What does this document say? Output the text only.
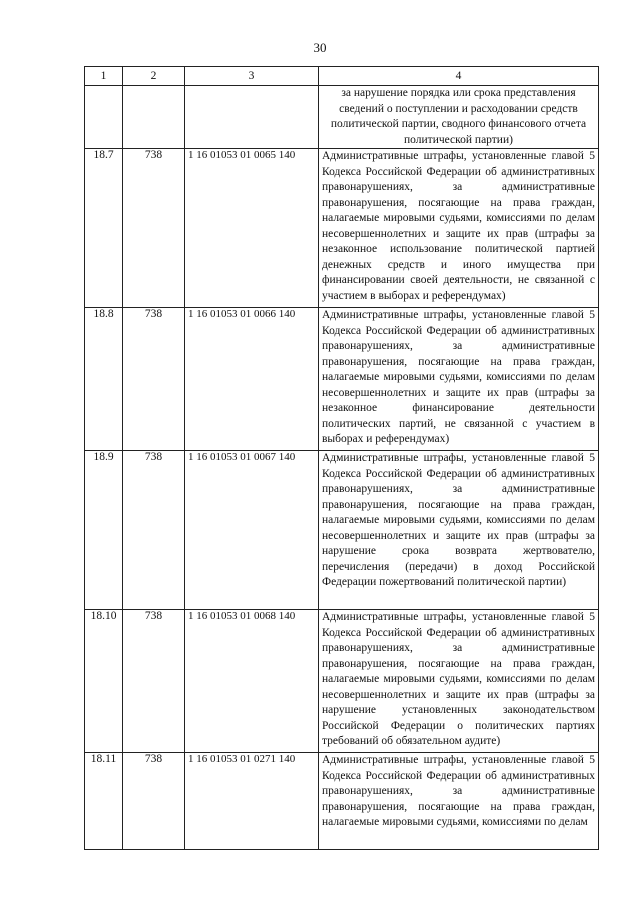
30
1	2	3	4
			за нарушение порядка или срока представления сведений о поступлении и расходовании средств политической партии, сводного финансового отчета политической партии)
18.7	738	1 16 01053 01 0065 140	Административные штрафы, установленные главой 5 Кодекса Российской Федерации об административных правонарушениях, за административные правонарушения, посягающие на права граждан, налагаемые мировыми судьями, комиссиями по делам несовершеннолетних и защите их прав (штрафы за незаконное использование политической партией денежных средств и иного имущества при финансировании своей деятельности, не связанной с участием в выборах и референдумах)
18.8	738	1 16 01053 01 0066 140	Административные штрафы, установленные главой 5 Кодекса Российской Федерации об административных правонарушениях, за административные правонарушения, посягающие на права граждан, налагаемые мировыми судьями, комиссиями по делам несовершеннолетних и защите их прав (штрафы за незаконное финансирование деятельности политических партий, не связанной с участием в выборах и референдумах)
18.9	738	1 16 01053 01 0067 140	Административные штрафы, установленные главой 5 Кодекса Российской Федерации об административных правонарушениях, за административные правонарушения, посягающие на права граждан, налагаемые мировыми судьями, комиссиями по делам несовершеннолетних и защите их прав (штрафы за нарушение срока возврата жертвователю, перечисления (передачи) в доход Российской Федерации пожертвований политической партии)
18.10	738	1 16 01053 01 0068 140	Административные штрафы, установленные главой 5 Кодекса Российской Федерации об административных правонарушениях, за административные правонарушения, посягающие на права граждан, налагаемые мировыми судьями, комиссиями по делам несовершеннолетних и защите их прав (штрафы за нарушение установленных законодательством Российской Федерации о политических партиях требований об обязательном аудите)
18.11	738	1 16 01053 01 0271 140	Административные штрафы, установленные главой 5 Кодекса Российской Федерации об административных правонарушениях, за административные правонарушения, посягающие на права граждан, налагаемые мировыми судьями, комиссиями по делам
